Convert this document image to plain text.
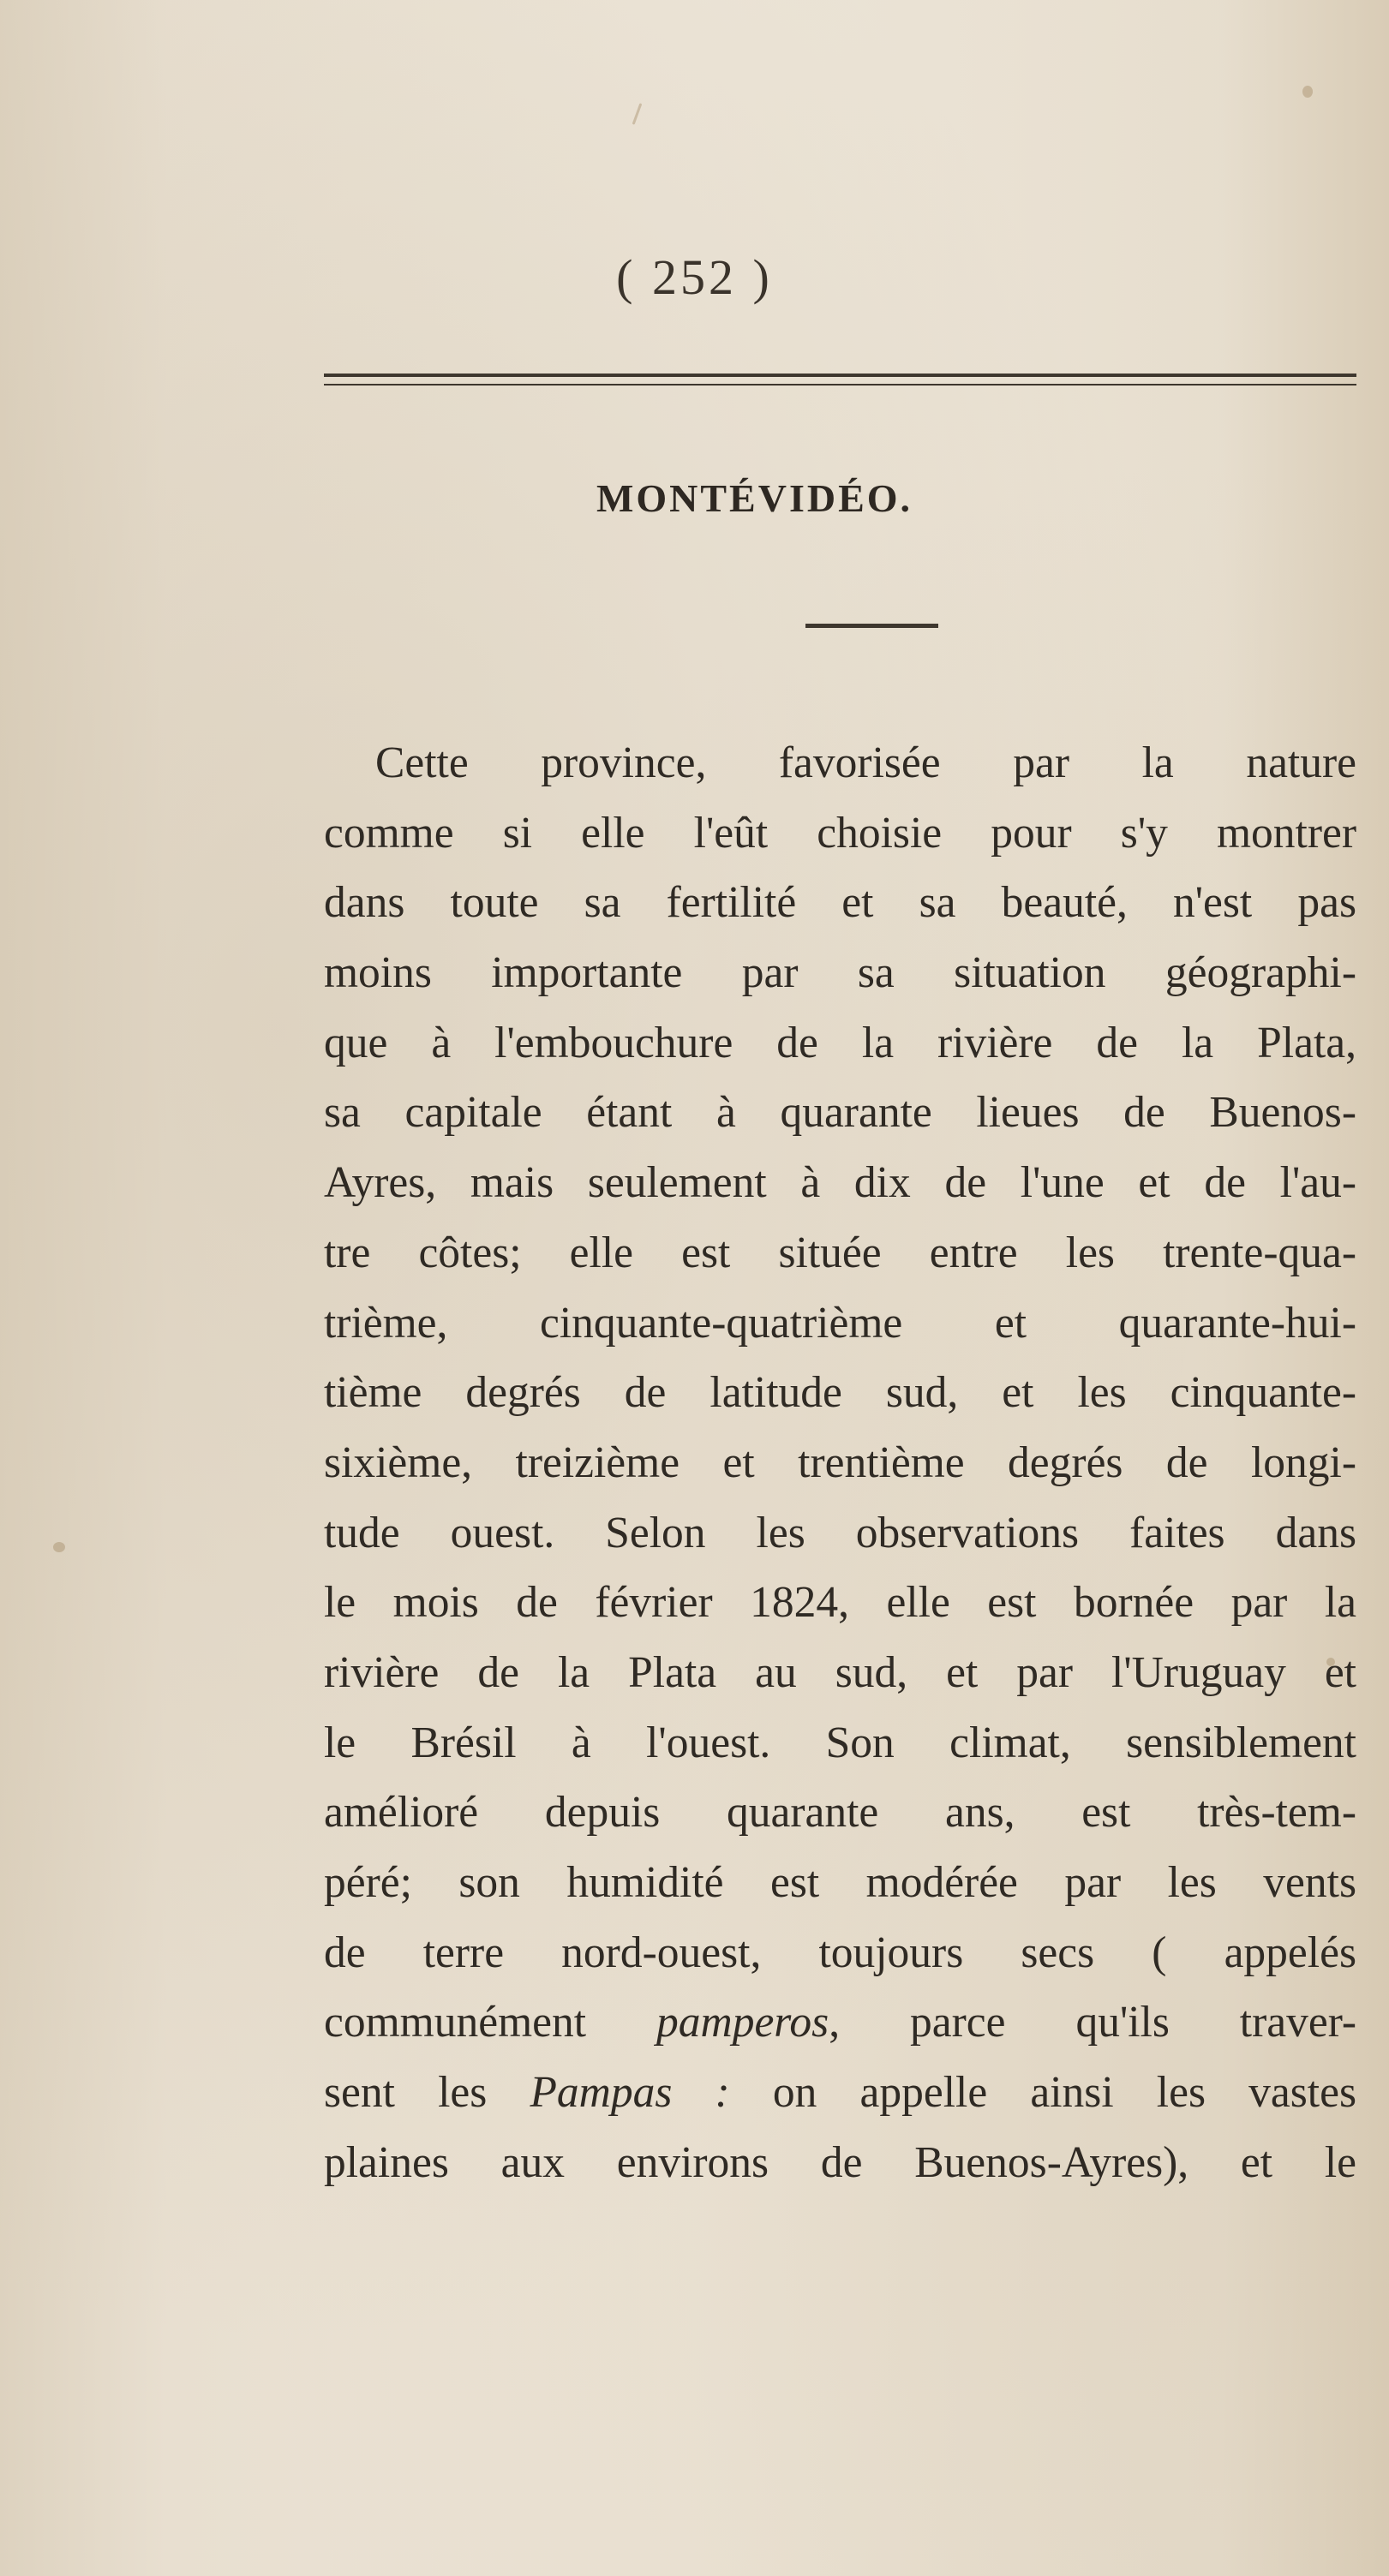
( 252 )
MONTÉVIDÉO.
Cette province, favorisée par la nature
comme si elle l'eût choisie pour s'y montrer
dans toute sa fertilité et sa beauté, n'est pas
moins importante par sa situation géographi-
que à l'embouchure de la rivière de la Plata,
sa capitale étant à quarante lieues de Buenos-
Ayres, mais seulement à dix de l'une et de l'au-
tre côtes; elle est située entre les trente-qua-
trième, cinquante-quatrième et quarante-hui-
tième degrés de latitude sud, et les cinquante-
sixième, treizième et trentième degrés de longi-
tude ouest. Selon les observations faites dans
le mois de février 1824, elle est bornée par la
rivière de la Plata au sud, et par l'Uruguay et
le Brésil à l'ouest. Son climat, sensiblement
amélioré depuis quarante ans, est très-tem-
péré; son humidité est modérée par les vents
de terre nord-ouest, toujours secs ( appelés
communément pamperos, parce qu'ils traver-
sent les Pampas : on appelle ainsi les vastes
plaines aux environs de Buenos-Ayres), et le
